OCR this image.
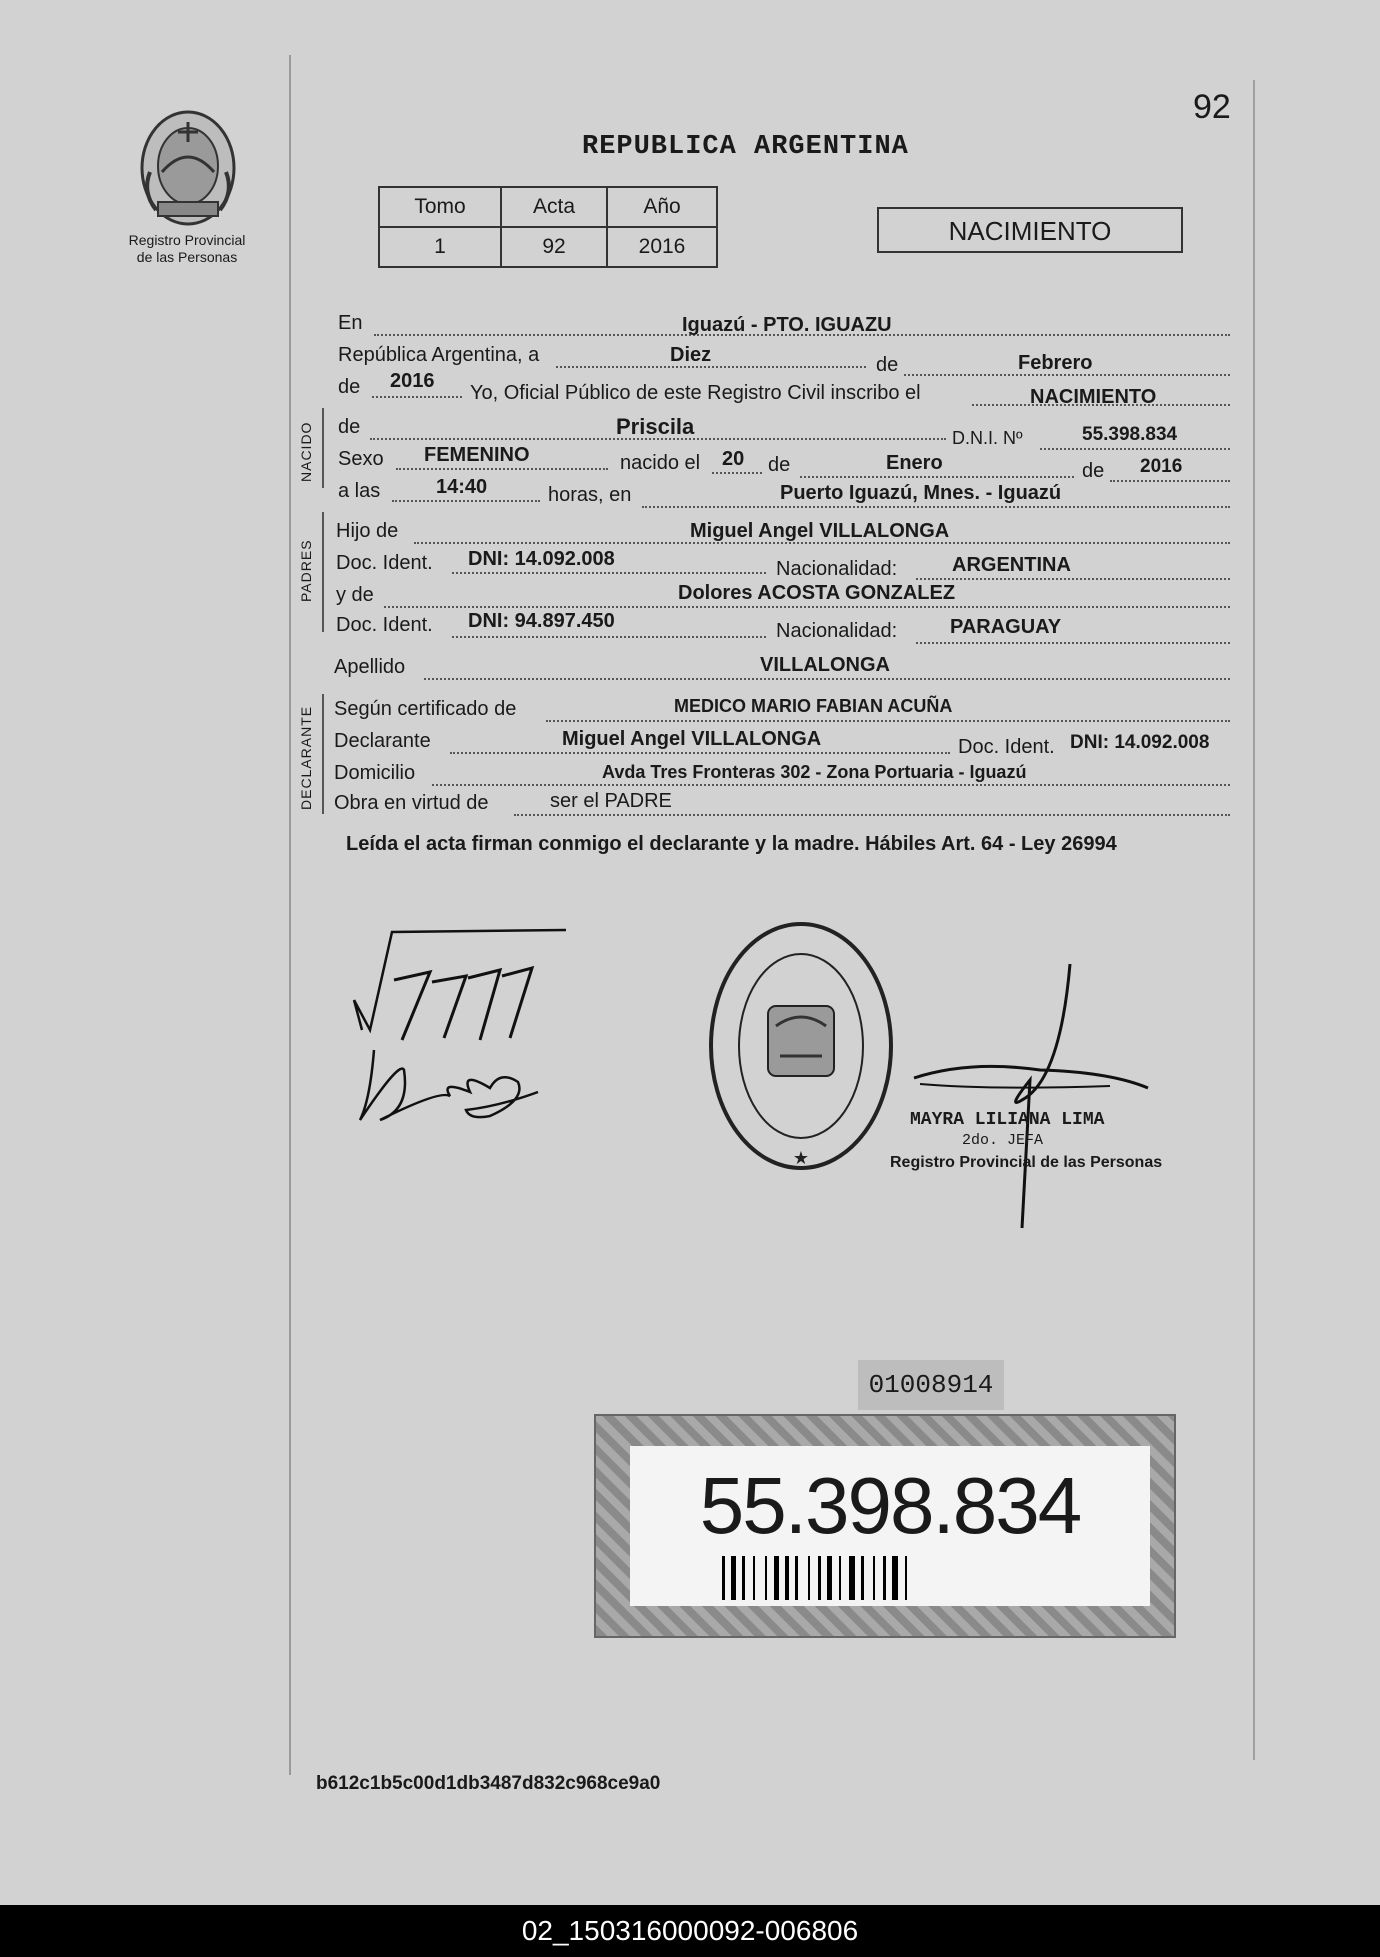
92
Registro Provincial
de las Personas
REPUBLICA ARGENTINA
Tomo	Acta	Año
1	92	2016
NACIMIENTO
En	Iguazú - PTO. IGUAZU
República Argentina, a	Diez	de	Febrero
de 2016
Yo, Oficial Público de este Registro Civil inscribo el	NACIMIENTO
NACIDO de	Priscila	D.N.I. Nº	55.398.834
Sexo FEMENINO	nacido el 20 de	Enero	de 2016
a las	14:40	horas, en	Puerto Iguazú, Mnes. - Iguazú
PADRES
Hijo de	Miguel Angel VILLALONGA
Doc. Ident. DNI: 14.092.008	Nacionalidad:	ARGENTINA
y de	Dolores ACOSTA GONZALEZ
Doc. Ident. DNI: 94.897.450	Nacionalidad:	PARAGUAY
Apellido	VILLALONGA
DECLARANTE Según certificado de	MEDICO MARIO FABIAN ACUÑA
Declarante	Miguel Angel VILLALONGA	Doc. Ident. DNI: 14.092.008
Domicilio	Avda Tres Fronteras 302 - Zona Portuaria - Iguazú
Obra en virtud de	ser el PADRE
Leída el acta firman conmigo el declarante y la madre. Hábiles Art. 64 - Ley 26994
★
MAYRA LILIANA LIMA
2do. JEFA
Registro Provincial de las Personas
01008914
55.398.834
b612c1b5c00d1db3487d832c968ce9a0
02_150316000092-006806
